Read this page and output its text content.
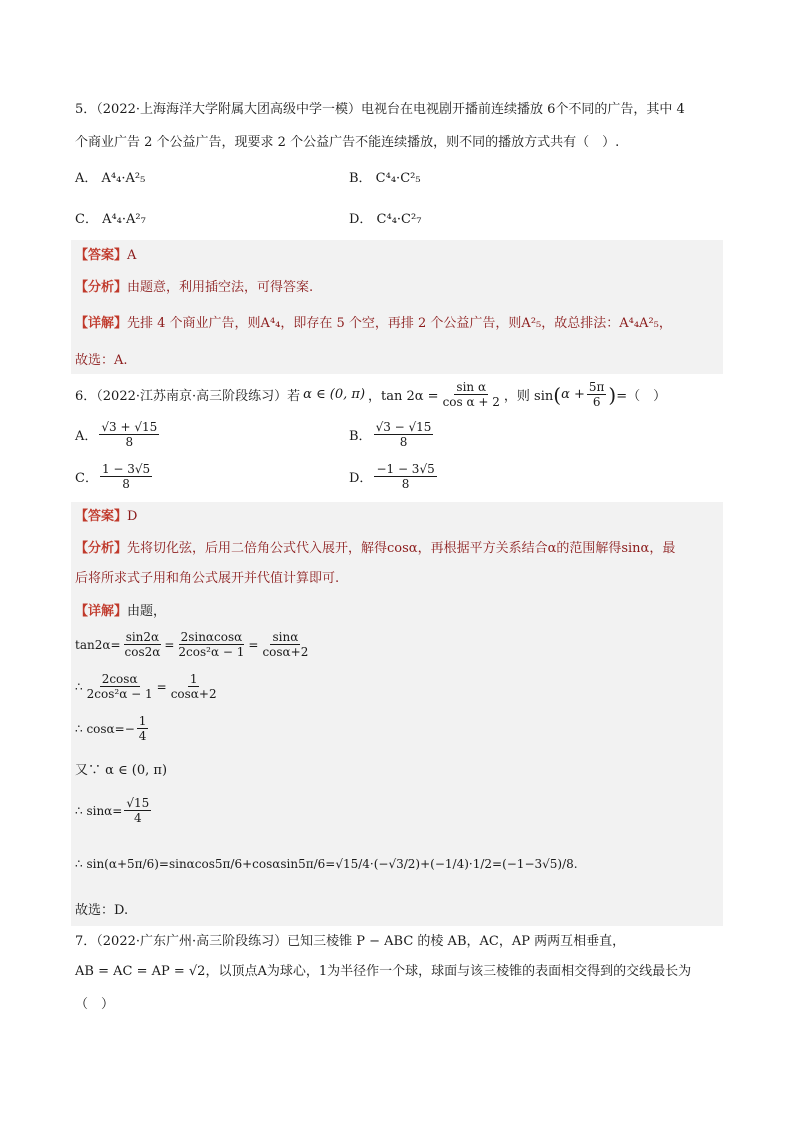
5．（2022·上海海洋大学附属大团高级中学一模）电视台在电视剧开播前连续播放 6个不同的广告，其中 4
个商业广告 2 个公益广告，现要求 2 个公益广告不能连续播放，则不同的播放方式共有（　）.
A． A⁴₄·A²₅	B． C⁴₄·C²₅
C． A⁴₄·A²₇	D． C⁴₄·C²₇
【答案】A
【分析】由题意，利用插空法，可得答案.
【详解】先排 4 个商业广告，则A⁴₄，即存在 5 个空，再排 2 个公益广告，则A²₅，故总排法：A⁴₄A²₅，
故选：A.
6．（2022·江苏南京·高三阶段练习）若 α ∈ (0, π) ，$\tan 2\alpha = \frac{\text{sin α}}{\text{cos α + 2}}$ ，则 sin ( $\alpha + \frac{5\pi}{6}$ ) =（　）
A． $\frac{√3 + √15}{8}$	B． $\frac{√3 - √15}{8}$
C． $\frac{1 - 3√5}{8}$	D． $\frac{-1 - 3√5}{8}$
【答案】D
【分析】先将切化弦，后用二倍角公式代入展开，解得cosα，再根据平方关系结合α的范围解得sinα，最
后将所求式子用和角公式展开并代值计算即可.
【详解】由题，
$\tan 2\alpha= \frac{\sin 2\alpha}{\cos 2\alpha} = \frac{2\sin\alpha\cos\alpha}{\text{2cos²α − 1}} = \frac{\sin\alpha}{\cos\alpha+2}$
∴ $\frac{2\cos\alpha}{\text{2cos²α − 1}} = \frac{1}{\cos\alpha+2}$
∴ $\cos\alpha=- \frac{1}{4}$
又∵ α ∈ (0, π)
∴ $\sin\alpha= \frac{√15}{4}$
∴ sin(α+5π/6)=sinαcos5π/6+cosαsin5π/6=√15/4·(−√3/2)+(−1/4)·1/2=(−1−3√5)/8.
故选：D.
7．（2022·广东广州·高三阶段练习）已知三棱锥 P − ABC 的棱 AB，AC，AP 两两互相垂直，
AB = AC = AP = √2，以顶点A为球心，1为半径作一个球，球面与该三棱锥的表面相交得到的交线最长为
（　）
